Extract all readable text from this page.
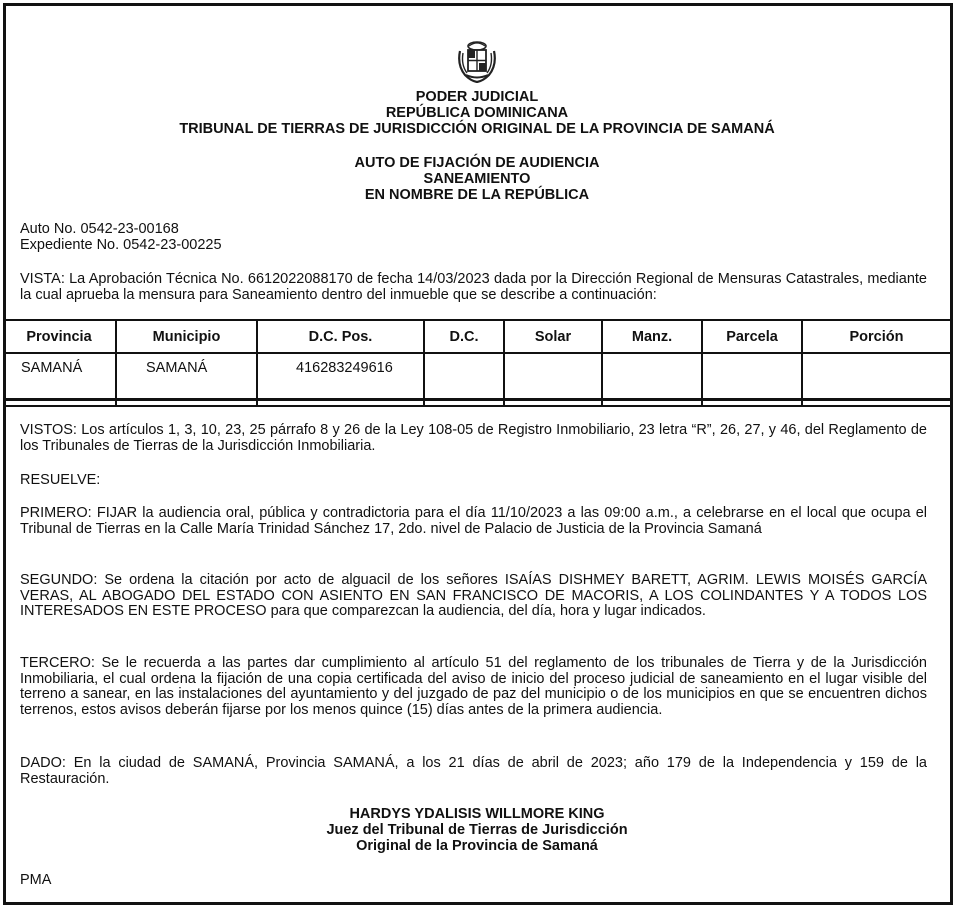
PODER JUDICIAL
REPÚBLICA DOMINICANA
TRIBUNAL DE TIERRAS DE JURISDICCIÓN ORIGINAL DE LA PROVINCIA DE SAMANÁ
AUTO DE FIJACIÓN DE AUDIENCIA
SANEAMIENTO
EN NOMBRE DE LA REPÚBLICA
Auto No. 0542-23-00168
Expediente No. 0542-23-00225
VISTA: La Aprobación Técnica No. 6612022088170 de fecha 14/03/2023 dada por la Dirección Regional de Mensuras Catastrales, mediante la cual aprueba la mensura para Saneamiento dentro del inmueble que se describe a continuación:
Provincia	Municipio	D.C. Pos.	D.C.	Solar	Manz.	Parcela	Porción
SAMANÁ	SAMANÁ	416283249616					
VISTOS: Los artículos 1, 3, 10, 23, 25 párrafo 8 y 26 de la Ley 108-05 de Registro Inmobiliario, 23 letra “R”, 26, 27, y 46, del Reglamento de los Tribunales de Tierras de la Jurisdicción Inmobiliaria.
RESUELVE:
PRIMERO: FIJAR la audiencia oral, pública y contradictoria para el día 11/10/2023 a las 09:00 a.m., a celebrarse en el local que ocupa el Tribunal de Tierras en la Calle María Trinidad Sánchez 17, 2do. nivel de Palacio de Justicia de la Provincia Samaná
SEGUNDO: Se ordena la citación por acto de alguacil de los señores ISAÍAS DISHMEY BARETT, AGRIM. LEWIS MOISÉS GARCÍA VERAS, AL ABOGADO DEL ESTADO CON ASIENTO EN SAN FRANCISCO DE MACORIS, A LOS COLINDANTES Y A TODOS LOS INTERESADOS EN ESTE PROCESO para que comparezcan la audiencia, del día, hora y lugar indicados.
TERCERO: Se le recuerda a las partes dar cumplimiento al artículo 51 del reglamento de los tribunales de Tierra y de la Jurisdicción Inmobiliaria, el cual ordena la fijación de una copia certificada del aviso de inicio del proceso judicial de saneamiento en el lugar visible del terreno a sanear, en las instalaciones del ayuntamiento y del juzgado de paz del municipio o de los municipios en que se encuentren dichos terrenos, estos avisos deberán fijarse por los menos quince (15) días antes de la primera audiencia.
DADO: En la ciudad de SAMANÁ, Provincia SAMANÁ, a los 21 días de abril de 2023; año 179 de la Independencia y 159 de la Restauración.
HARDYS YDALISIS WILLMORE KING
Juez del Tribunal de Tierras de Jurisdicción
Original de la Provincia de Samaná
PMA
